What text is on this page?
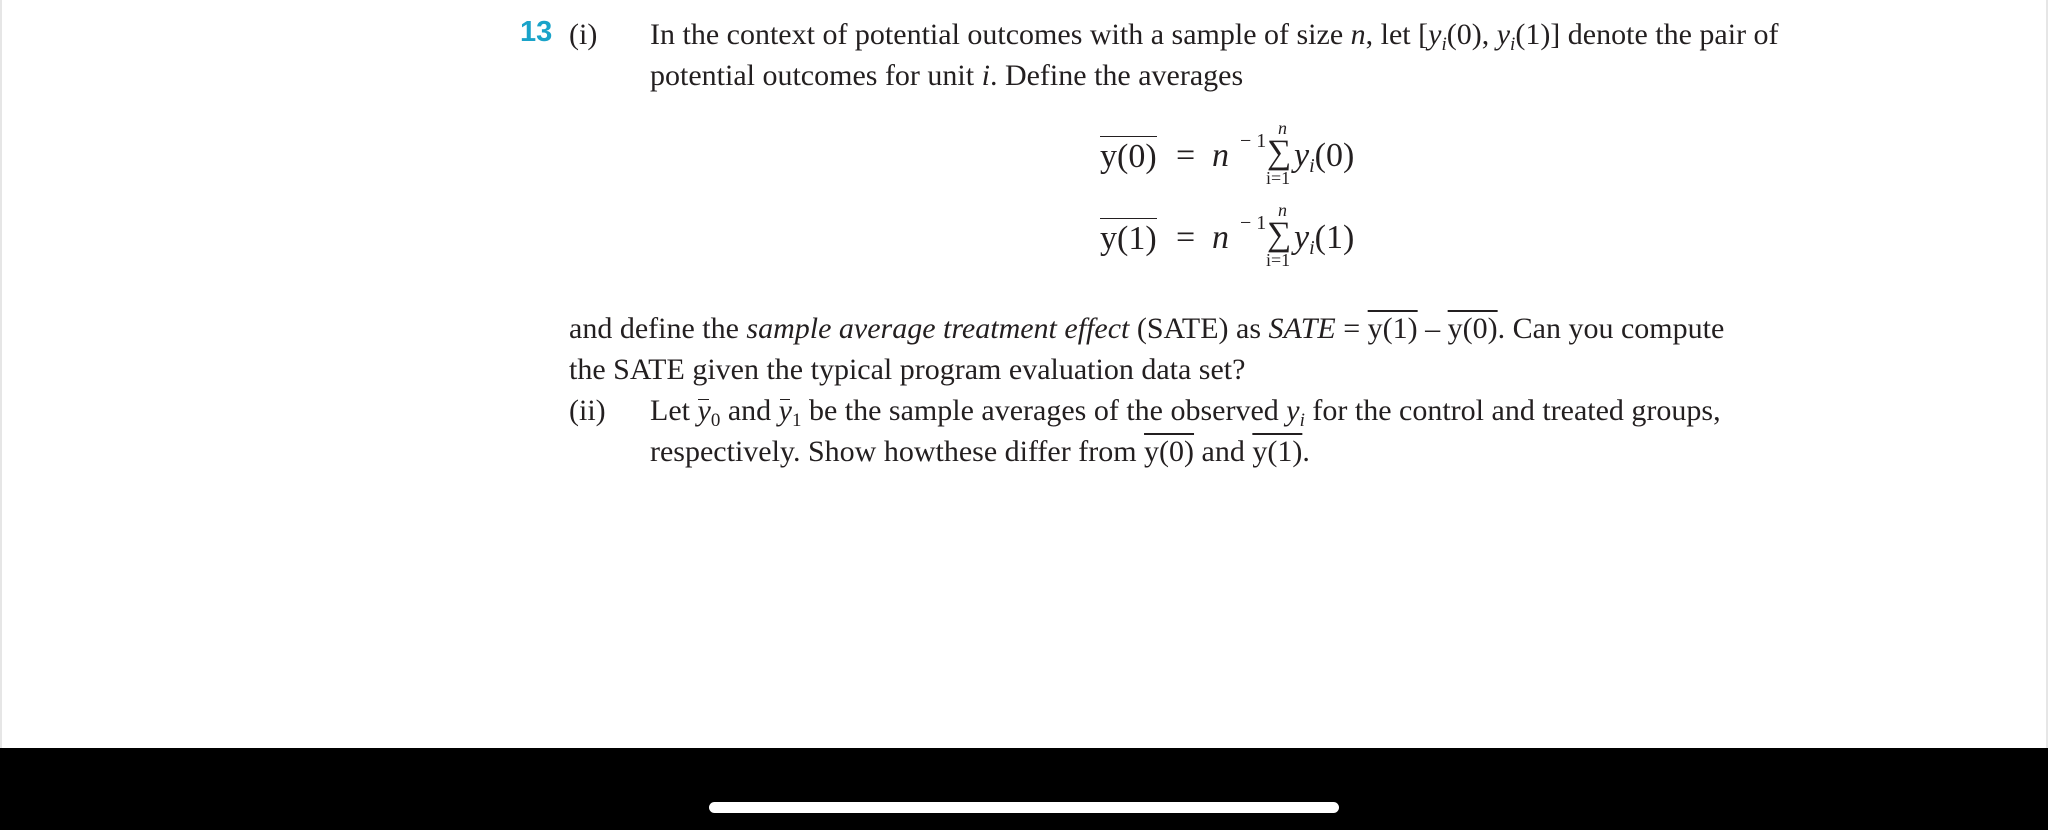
13 (i) In the context of potential outcomes with a sample of size n, let [$y_i(0)$, $y_i(1)$] denote the pair of
potential outcomes for unit i. Define the averages
y(0) = n − 1
n
∑
i=1
$y_i(0)$
y(1) = n − 1
n
∑
i=1
$y_i(1)$
and define the sample average treatment effect (SATE) as SATE = y(1) – y(0). Can you compute
the SATE given the typical program evaluation data set?
(ii) Let $y_0$ and $y_1$ be the sample averages of the observed $y_i$ for the control and treated groups,
respectively. Show howthese differ from y(0) and y(1).
